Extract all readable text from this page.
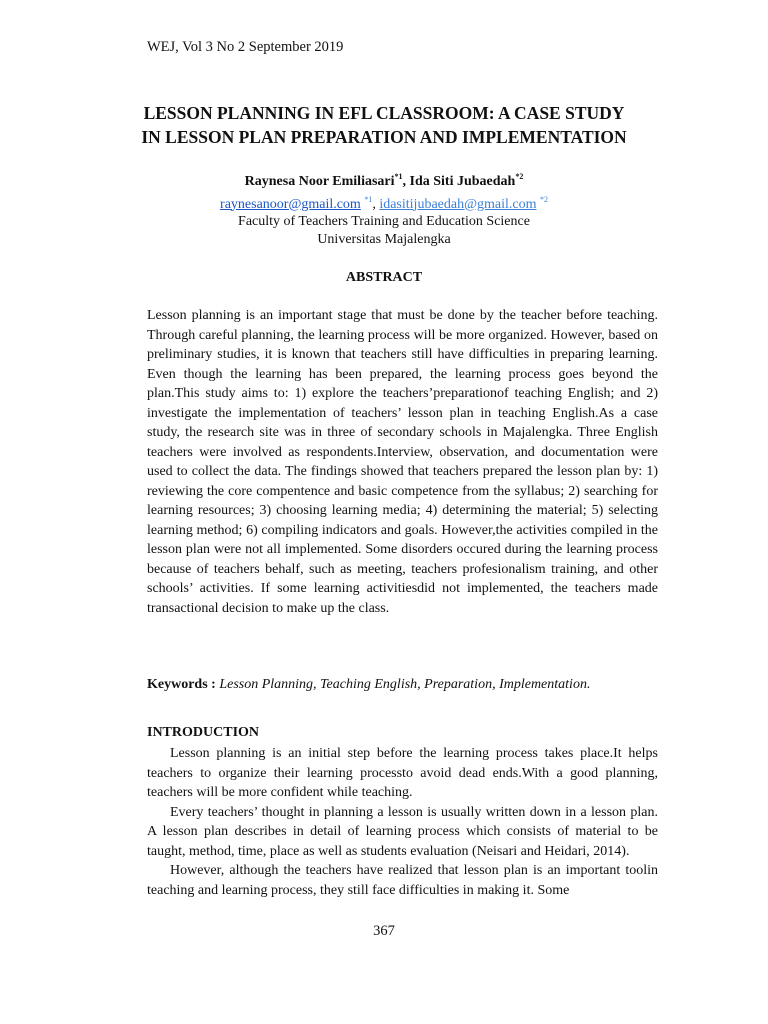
WEJ, Vol 3 No 2 September 2019
LESSON PLANNING IN EFL CLASSROOM: A CASE STUDY
IN LESSON PLAN PREPARATION AND IMPLEMENTATION
Raynesa Noor Emiliasari$^{*1}$, Ida Siti Jubaedah$^{*2}$
raynesanoor@gmail.com $^{*1}$, idasitijubaedah@gmail.com $^{*2}$
Faculty of Teachers Training and Education Science
Universitas Majalengka
ABSTRACT

Lesson planning is an important stage that must be done by the teacher before teaching. Through careful planning, the learning process will be more organized. However, based on preliminary studies, it is known that teachers still have difficulties in preparing learning. Even though the learning has been prepared, the learning process goes beyond the plan.This study aims to: 1) explore the teachers’preparationof teaching English; and 2) investigate the implementation of teachers’ lesson plan in teaching English.As a case study, the research site was in three of secondary schools in Majalengka. Three English teachers were involved as respondents.Interview, observation, and documentation were used to collect the data. The findings showed that teachers prepared the lesson plan by: 1) reviewing the core compentence and basic competence from the syllabus; 2) searching for learning resources; 3) choosing learning media; 4) determining the material; 5) selecting learning method; 6) compiling indicators and goals. However,the activities compiled in the lesson plan were not all implemented. Some disorders occured during the learning process because of teachers behalf, such as meeting, teachers profesionalism training, and other schools’ activities. If some learning activitiesdid not implemented, the teachers made transactional decision to make up the class.

Keywords : Lesson Planning, Teaching English, Preparation, Implementation.

INTRODUCTION

Lesson planning is an initial step before the learning process takes place.It helps teachers to organize their learning processto avoid dead ends.With a good planning, teachers will be more confident while teaching.

Every teachers’ thought in planning a lesson is usually written down in a lesson plan. A lesson plan describes in detail of learning process which consists of material to be taught, method, time, place as well as students evaluation (Neisari and Heidari, 2014).

However, although the teachers have realized that lesson plan is an important toolin teaching and learning process, they still face difficulties in making it. Some

367
